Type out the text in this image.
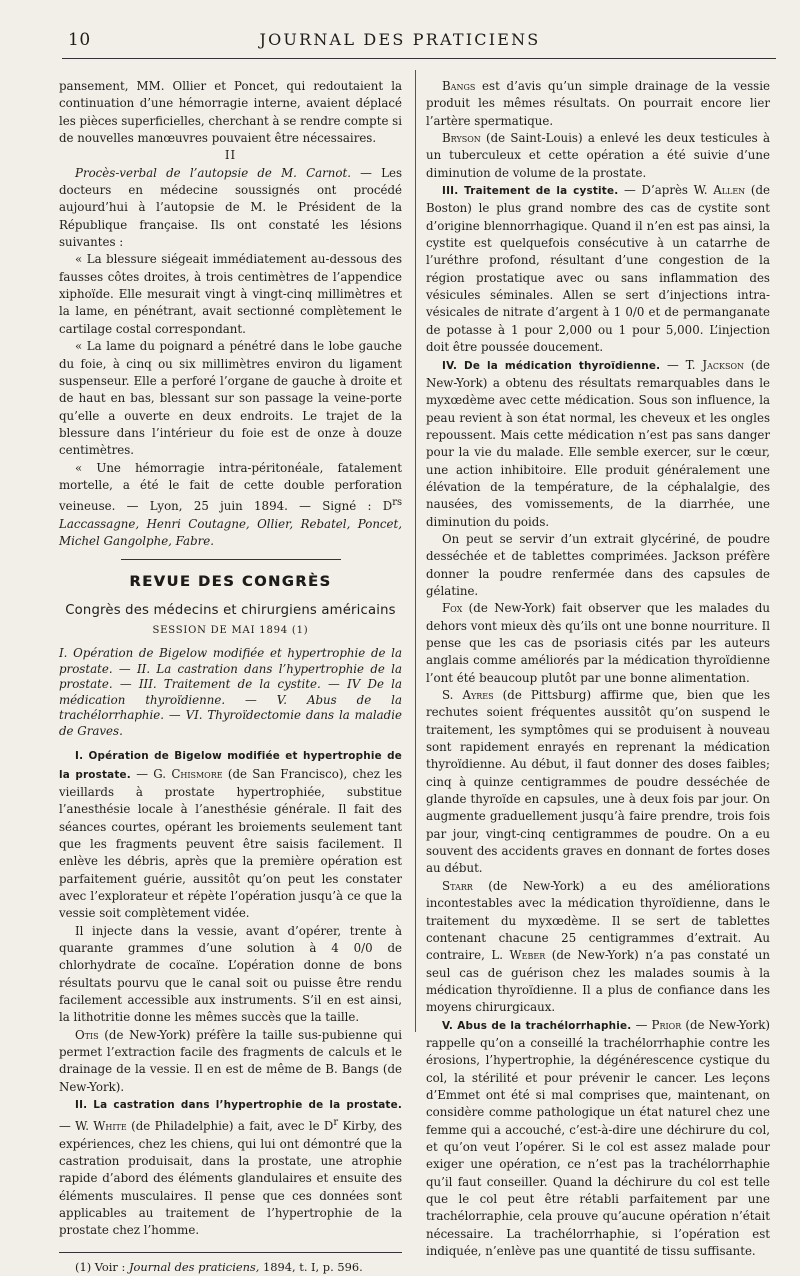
10	JOURNAL DES PRATICIENS

pansement, MM. Ollier et Poncet, qui redoutaient la continuation d’une hémorragie interne, avaient déplacé les pièces superficielles, cherchant à se rendre compte si de nouvelles manœuvres pouvaient être nécessaires.

II

Procès-verbal de l’autopsie de M. Carnot. — Les docteurs en médecine soussignés ont procédé aujourd’hui à l’autopsie de M. le Président de la République française. Ils ont constaté les lésions suivantes :

« La blessure siégeait immédiatement au-dessous des fausses côtes droites, à trois centimètres de l’appendice xiphoïde. Elle mesurait vingt à vingt-cinq millimètres et la lame, en pénétrant, avait sectionné complètement le cartilage costal correspondant.

« La lame du poignard a pénétré dans le lobe gauche du foie, à cinq ou six millimètres environ du ligament suspenseur. Elle a perforé l’organe de gauche à droite et de haut en bas, blessant sur son passage la veine-porte qu’elle a ouverte en deux endroits. Le trajet de la blessure dans l’intérieur du foie est de onze à douze centimètres.

« Une hémorragie intra-péritonéale, fatalement mortelle, a été le fait de cette double perforation veineuse. — Lyon, 25 juin 1894. — Signé : $D^{rs}$ Laccassagne, Henri Coutagne, Ollier, Rebatel, Poncet, Michel Gangolphe, Fabre.

REVUE DES CONGRÈS
Congrès des médecins et chirurgiens américains
SESSION DE MAI 1894 (1)

I. Opération de Bigelow modifiée et hypertrophie de la prostate. — II. La castration dans l’hypertrophie de la prostate. — III. Traitement de la cystite. — IV De la médication thyroïdienne. — V. Abus de la trachélorrhaphie. — VI. Thyroïdectomie dans la maladie de Graves.

I. Opération de Bigelow modifiée et hypertrophie de la prostate. — G. Chismore (de San Francisco), chez les vieillards à prostate hypertrophiée, substitue l’anesthésie locale à l’anesthésie générale. Il fait des séances courtes, opérant les broiements seulement tant que les fragments peuvent être saisis facilement. Il enlève les débris, après que la première opération est parfaitement guérie, aussitôt qu’on peut les constater avec l’explorateur et répète l’opération jusqu’à ce que la vessie soit complètement vidée.

Il injecte dans la vessie, avant d’opérer, trente à quarante grammes d’une solution à 4 0/0 de chlorhydrate de cocaïne. L’opération donne de bons résultats pourvu que le canal soit ou puisse être rendu facilement accessible aux instruments. S’il en est ainsi, la lithotritie donne les mêmes succès que la taille.

Otis (de New-York) préfère la taille sus-pubienne qui permet l’extraction facile des fragments de calculs et le drainage de la vessie. Il en est de même de B. Bangs (de New-York).

II. La castration dans l’hypertrophie de la prostate. — W. White (de Philadelphie) a fait, avec le $D^r$ Kirby, des expériences, chez les chiens, qui lui ont démontré que la castration produisait, dans la prostate, une atrophie rapide d’abord des éléments glandulaires et ensuite des éléments musculaires. Il pense que ces données sont applicables au traitement de l’hypertrophie de la prostate chez l’homme.

(1) Voir : Journal des praticiens, 1894, t. I, p. 596.

Bangs est d’avis qu’un simple drainage de la vessie produit les mêmes résultats. On pourrait encore lier l’artère spermatique.

Bryson (de Saint-Louis) a enlevé les deux testicules à un tuberculeux et cette opération a été suivie d’une diminution de volume de la prostate.

III. Traitement de la cystite. — D’après W. Allen (de Boston) le plus grand nombre des cas de cystite sont d’origine blennorrhagique. Quand il n’en est pas ainsi, la cystite est quelquefois consécutive à un catarrhe de l’uréthre profond, résultant d’une congestion de la région prostatique avec ou sans inflammation des vésicules séminales. Allen se sert d’injections intra-vésicales de nitrate d’argent à 1 0/0 et de permanganate de potasse à 1 pour 2,000 ou 1 pour 5,000. L’injection doit être poussée doucement.

IV. De la médication thyroïdienne. — T. Jackson (de New-York) a obtenu des résultats remarquables dans le myxœdème avec cette médication. Sous son influence, la peau revient à son état normal, les cheveux et les ongles repoussent. Mais cette médication n’est pas sans danger pour la vie du malade. Elle semble exercer, sur le cœur, une action inhibitoire. Elle produit généralement une élévation de la température, de la céphalalgie, des nausées, des vomissements, de la diarrhée, une diminution du poids.

On peut se servir d’un extrait glycériné, de poudre desséchée et de tablettes comprimées. Jackson préfère donner la poudre renfermée dans des capsules de gélatine.

Fox (de New-York) fait observer que les malades du dehors vont mieux dès qu’ils ont une bonne nourriture. Il pense que les cas de psoriasis cités par les auteurs anglais comme améliorés par la médication thyroïdienne l’ont été beaucoup plutôt par une bonne alimentation.

S. Ayres (de Pittsburg) affirme que, bien que les rechutes soient fréquentes aussitôt qu’on suspend le traitement, les symptômes qui se produisent à nouveau sont rapidement enrayés en reprenant la médication thyroïdienne. Au début, il faut donner des doses faibles; cinq à quinze centigrammes de poudre desséchée de glande thyroïde en capsules, une à deux fois par jour. On augmente graduellement jusqu’à faire prendre, trois fois par jour, vingt-cinq centigrammes de poudre. On a eu souvent des accidents graves en donnant de fortes doses au début.

Starr (de New-York) a eu des améliorations incontestables avec la médication thyroïdienne, dans le traitement du myxœdème. Il se sert de tablettes contenant chacune 25 centigrammes d’extrait. Au contraire, L. Weber (de New-York) n’a pas constaté un seul cas de guérison chez les malades soumis à la médication thyroïdienne. Il a plus de confiance dans les moyens chirurgicaux.

V. Abus de la trachélorrhaphie. — Prior (de New-York) rappelle qu’on a conseillé la trachélorrhaphie contre les érosions, l’hypertrophie, la dégénérescence cystique du col, la stérilité et pour prévenir le cancer. Les leçons d’Emmet ont été si mal comprises que, maintenant, on considère comme pathologique un état naturel chez une femme qui a accouché, c’est-à-dire une déchirure du col, et qu’on veut l’opérer. Si le col est assez malade pour exiger une opération, ce n’est pas la trachélorrhaphie qu’il faut conseiller. Quand la déchirure du col est telle que le col peut être rétabli parfaitement par une trachélorraphie, cela prouve qu’aucune opération n’était nécessaire. La trachélorrhaphie, si l’opération est indiquée, n’enlève pas une quantité de tissu suffisante.
